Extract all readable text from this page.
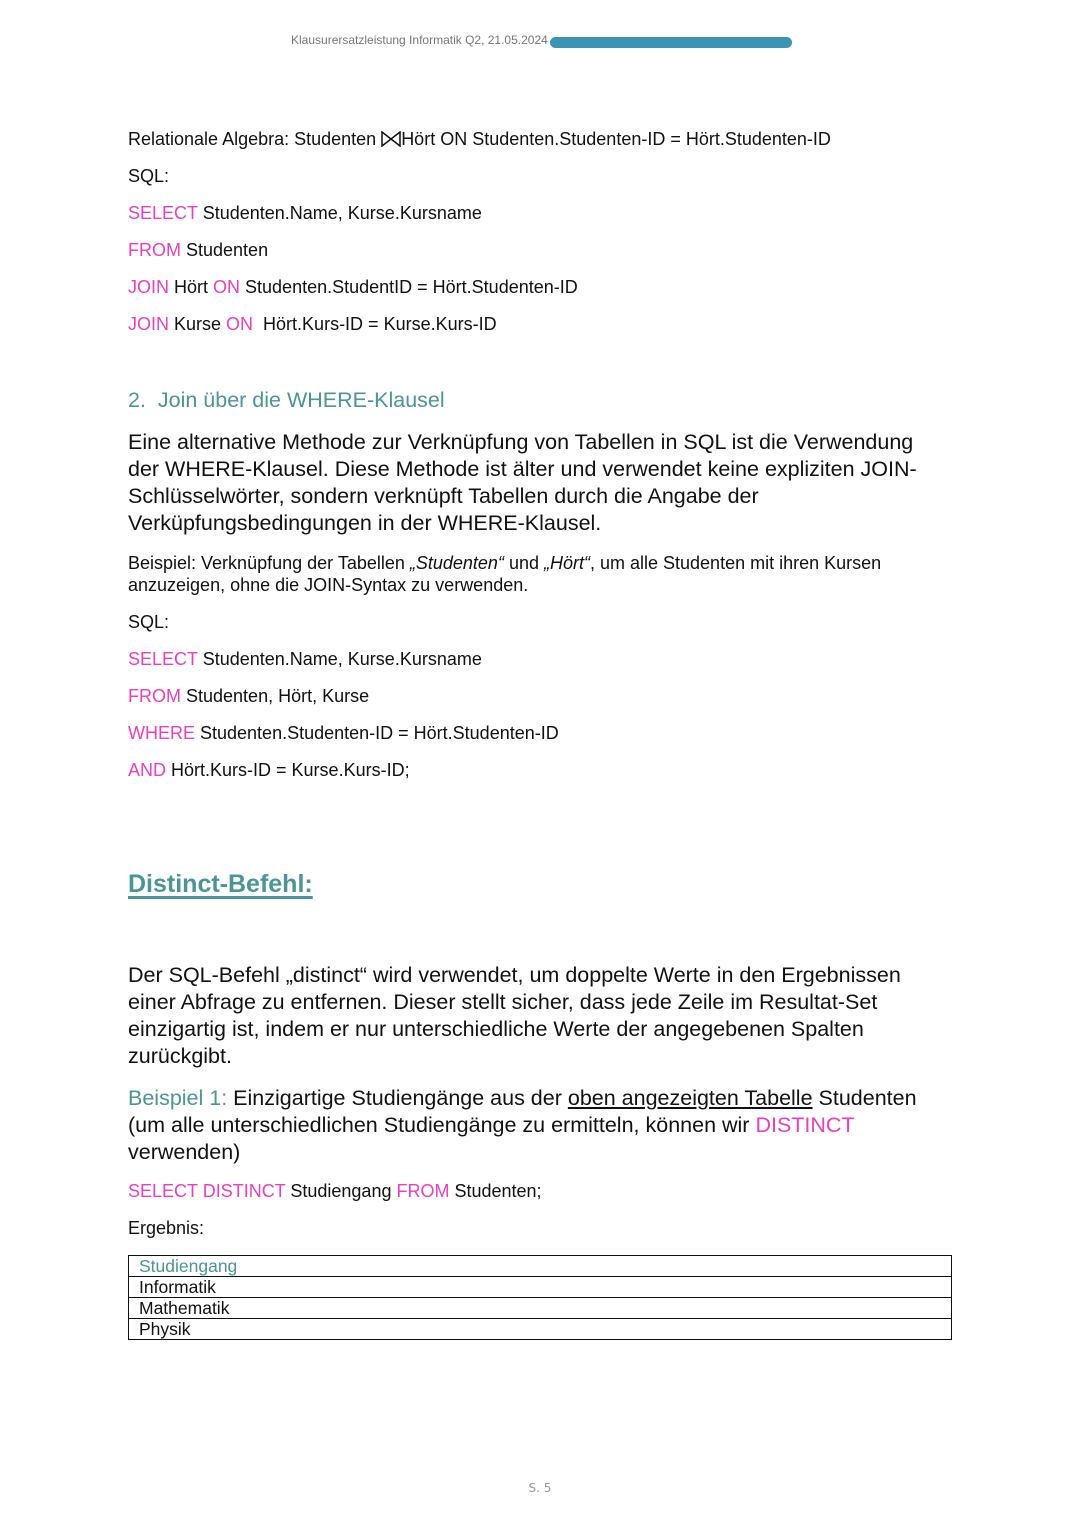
Klausurersatzleistung Informatik Q2, 21.05.2024
Relationale Algebra: Studenten Hört ON Studenten.Studenten-ID = Hört.Studenten-ID
SQL:
SELECT Studenten.Name, Kurse.Kursname
FROM Studenten
JOIN Hört ON Studenten.StudentID = Hört.Studenten-ID
JOIN Kurse ON  Hört.Kurs-ID = Kurse.Kurs-ID
2.  Join über die WHERE-Klausel
Eine alternative Methode zur Verknüpfung von Tabellen in SQL ist die Verwendung der WHERE-Klausel. Diese Methode ist älter und verwendet keine expliziten JOIN-Schlüsselwörter, sondern verknüpft Tabellen durch die Angabe der Verküpfungsbedingungen in der WHERE-Klausel.
Beispiel: Verknüpfung der Tabellen „Studenten“ und „Hört“, um alle Studenten mit ihren Kursen anzuzeigen, ohne die JOIN-Syntax zu verwenden.
SQL:
SELECT Studenten.Name, Kurse.Kursname
FROM Studenten, Hört, Kurse
WHERE Studenten.Studenten-ID = Hört.Studenten-ID
AND Hört.Kurs-ID = Kurse.Kurs-ID;
Distinct-Befehl:
Der SQL-Befehl „distinct“ wird verwendet, um doppelte Werte in den Ergebnissen einer Abfrage zu entfernen. Dieser stellt sicher, dass jede Zeile im Resultat-Set einzigartig ist, indem er nur unterschiedliche Werte der angegebenen Spalten zurückgibt.
Beispiel 1: Einzigartige Studiengänge aus der oben angezeigten Tabelle Studenten (um alle unterschiedlichen Studiengänge zu ermitteln, können wir DISTINCT verwenden)
SELECT DISTINCT Studiengang FROM Studenten;
Ergebnis:
Studiengang
Informatik
Mathematik
Physik
S. 5
